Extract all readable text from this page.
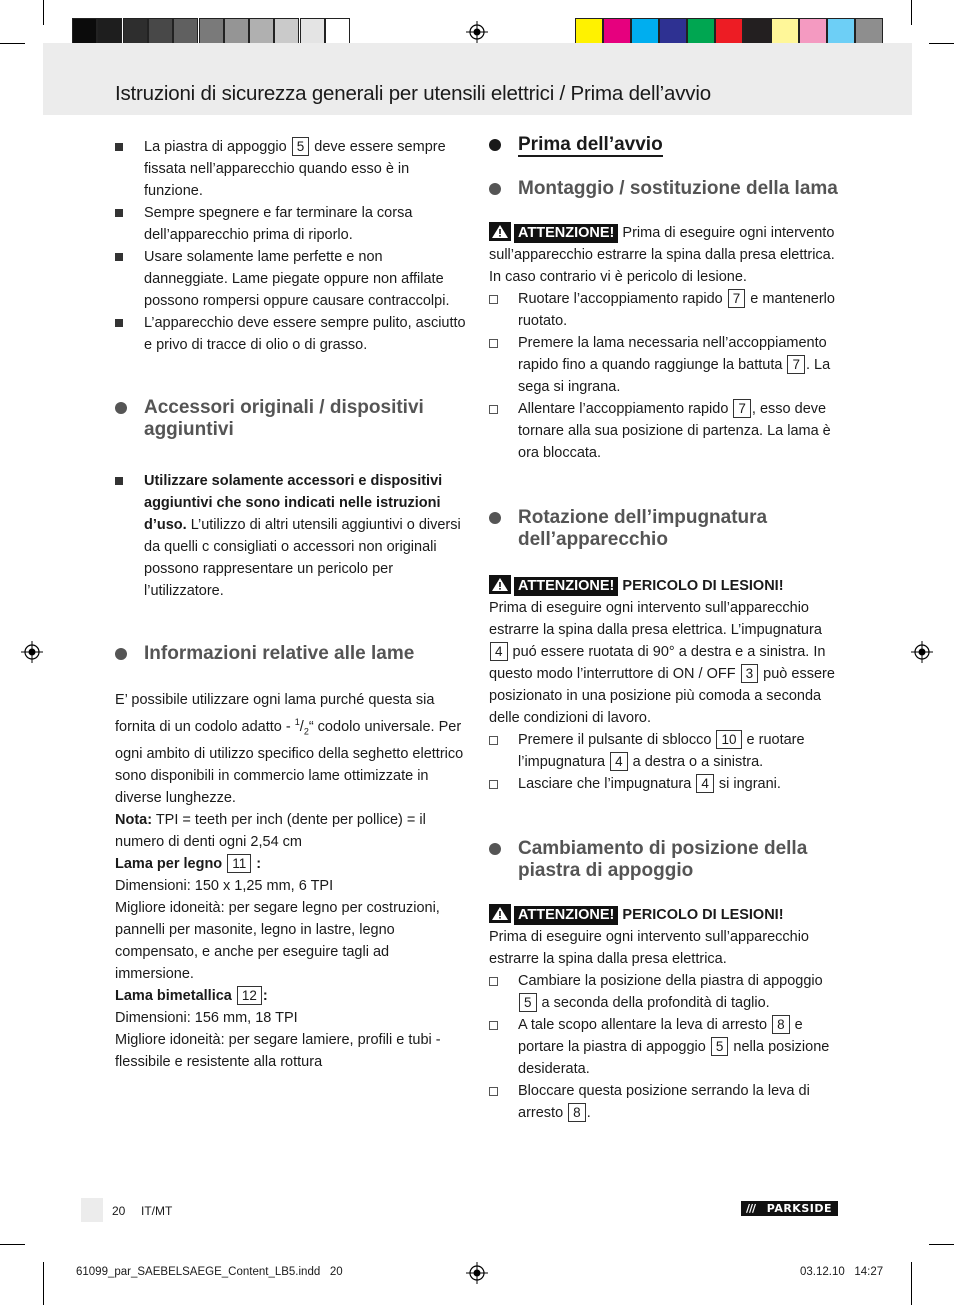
Istruzioni di sicurezza generali per utensili elettrici / Prima dell’avvio
La piastra di appoggio 5 deve essere sempre fissata nell’apparecchio quando esso è in funzione.
Sempre spegnere e far terminare la corsa dell’apparecchio prima di riporlo.
Usare solamente lame perfette e non danneggiate. Lame piegate oppure non affilate possono rompersi oppure causare contraccolpi.
L’apparecchio deve essere sempre pulito, asciutto e privo di tracce di olio o di grasso.
Accessori originali / dispositivi aggiuntivi
Utilizzare solamente accessori e dispositivi aggiuntivi che sono indicati nelle istruzioni d’uso. L’utilizzo di altri utensili aggiuntivi o diversi da quelli c consigliati o accessori non originali possono rappresentare un pericolo per l’utilizzatore.
Informazioni relative alle lame
E’ possibile utilizzare ogni lama purché questa sia fornita di un codolo adatto - $^1/_2“$ codolo universale. Per ogni ambito di utilizzo specifico della seghetto elettrico sono disponibili in commercio lame ottimizzate in diverse lunghezze.
Nota: TPI = teeth per inch (dente per pollice) = il numero di denti ogni 2,54 cm
Lama per legno 11 :
Dimensioni: 150 x 1,25 mm, 6 TPI
Migliore idoneità: per segare legno per costruzioni, pannelli per masonite, legno in lastre, legno compensato, e anche per eseguire tagli ad immersione.
Lama bimetallica 12 :
Dimensioni: 156 mm, 18 TPI
Migliore idoneità: per segare lamiere, profili e tubi - flessibile e resistente alla rottura
Prima dell’avvio
Montaggio / sostituzione della lama
ATTENZIONE! Prima di eseguire ogni intervento sull’apparecchio estrarre la spina dalla presa elettrica. In caso contrario vi è pericolo di lesione.
Ruotare l’accoppiamento rapido 7 e mantenerlo ruotato.
Premere la lama necessaria nell’accoppiamento rapido fino a quando raggiunge la battuta 7 . La sega si ingrana.
Allentare l’accoppiamento rapido 7 , esso deve tornare alla sua posizione di partenza. La lama è ora bloccata.
Rotazione dell’impugnatura dell’apparecchio
ATTENZIONE! PERICOLO DI LESIONI!
Prima di eseguire ogni intervento sull’apparecchio estrarre la spina dalla presa elettrica. L’impugnatura 4 puó essere ruotata di 90° a destra e a sinistra. In questo modo l’interruttore di ON / OFF 3 può essere posizionato in una posizione più comoda a seconda delle condizioni di lavoro.
Premere il pulsante di sblocco 10 e ruotare l’impugnatura 4 a destra o a sinistra.
Lasciare che l’impugnatura 4 si ingrani.
Cambiamento di posizione della piastra di appoggio
ATTENZIONE! PERICOLO DI LESIONI!
Prima di eseguire ogni intervento sull’apparecchio estrarre la spina dalla presa elettrica.
Cambiare la posizione della piastra di appoggio 5 a seconda della profondità di taglio.
A tale scopo allentare la leva di arresto 8 e portare la piastra di appoggio 5 nella posizione desiderata.
Bloccare questa posizione serrando la leva di arresto 8 .
20 IT/MT	/// PARKSIDE
61099_par_SAEBELSAEGE_Content_LB5.indd   20	03.12.10   14:27
